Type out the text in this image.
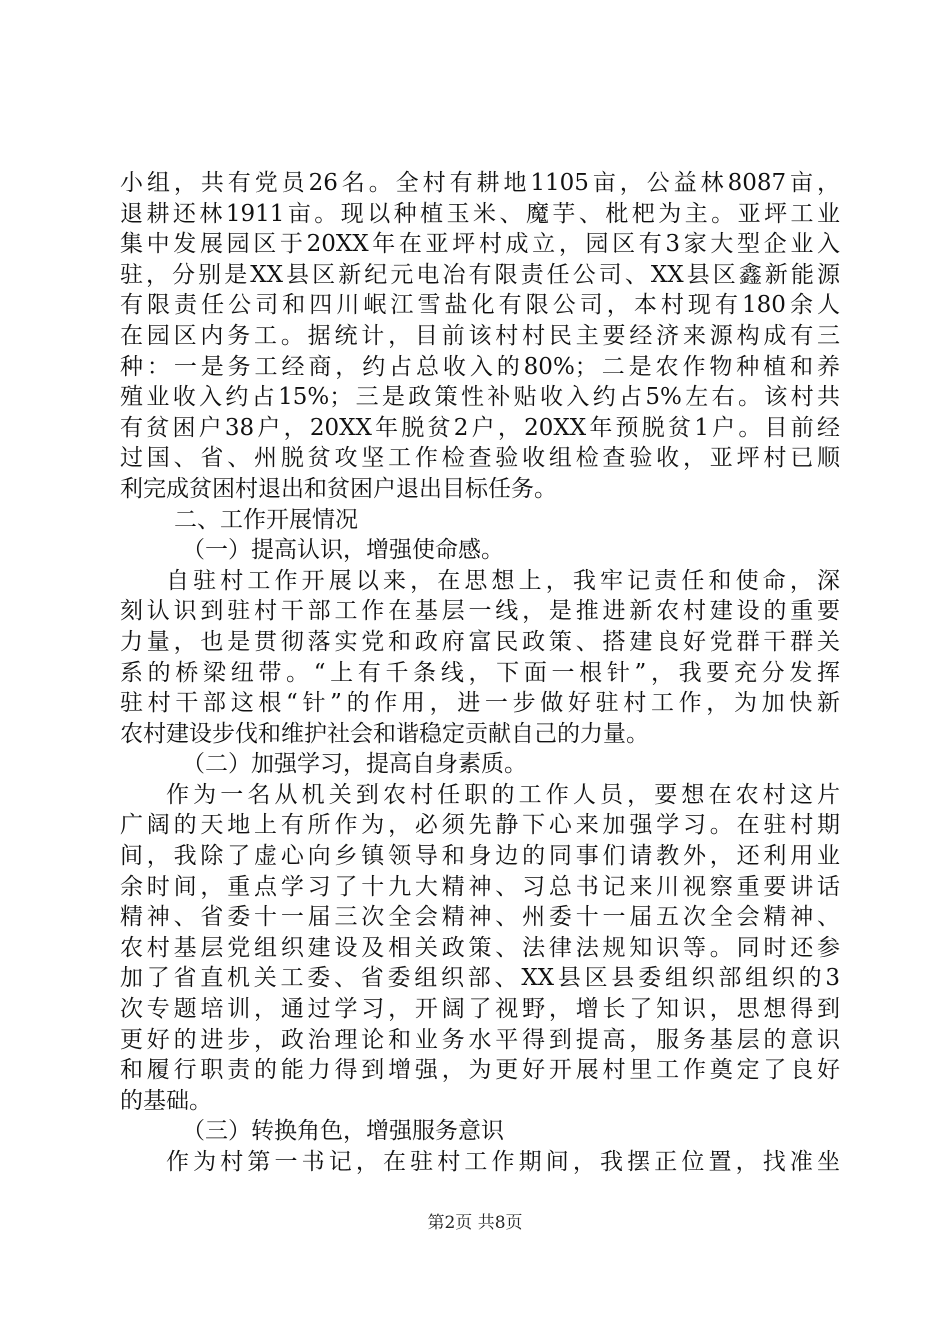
小组，共有党员26名。全村有耕地1105亩，公益林8087亩，
退耕还林1911亩。现以种植玉米、魔芋、枇杷为主。亚坪工业
集中发展园区于20XX年在亚坪村成立，园区有3家大型企业入
驻，分别是XX县区新纪元电冶有限责任公司、XX县区鑫新能源
有限责任公司和四川岷江雪盐化有限公司，本村现有180余人
在园区内务工。据统计，目前该村村民主要经济来源构成有三
种：一是务工经商，约占总收入的80%；二是农作物种植和养
殖业收入约占15%；三是政策性补贴收入约占5%左右。该村共
有贫困户38户，20XX年脱贫2户，20XX年预脱贫1户。目前经
过国、省、州脱贫攻坚工作检查验收组检查验收，亚坪村已顺
利完成贫困村退出和贫困户退出目标任务。
二、工作开展情况
（一）提高认识，增强使命感。
自驻村工作开展以来，在思想上，我牢记责任和使命，深
刻认识到驻村干部工作在基层一线，是推进新农村建设的重要
力量，也是贯彻落实党和政府富民政策、搭建良好党群干群关
系的桥梁纽带。“上有千条线，下面一根针”，我要充分发挥
驻村干部这根“针”的作用，进一步做好驻村工作，为加快新
农村建设步伐和维护社会和谐稳定贡献自己的力量。
（二）加强学习，提高自身素质。
作为一名从机关到农村任职的工作人员，要想在农村这片
广阔的天地上有所作为，必须先静下心来加强学习。在驻村期
间，我除了虚心向乡镇领导和身边的同事们请教外，还利用业
余时间，重点学习了十九大精神、习总书记来川视察重要讲话
精神、省委十一届三次全会精神、州委十一届五次全会精神、
农村基层党组织建设及相关政策、法律法规知识等。同时还参
加了省直机关工委、省委组织部、XX县区县委组织部组织的3
次专题培训，通过学习，开阔了视野，增长了知识，思想得到
更好的进步，政治理论和业务水平得到提高，服务基层的意识
和履行职责的能力得到增强，为更好开展村里工作奠定了良好
的基础。
（三）转换角色，增强服务意识
作为村第一书记，在驻村工作期间，我摆正位置，找准坐
第2页 共8页
